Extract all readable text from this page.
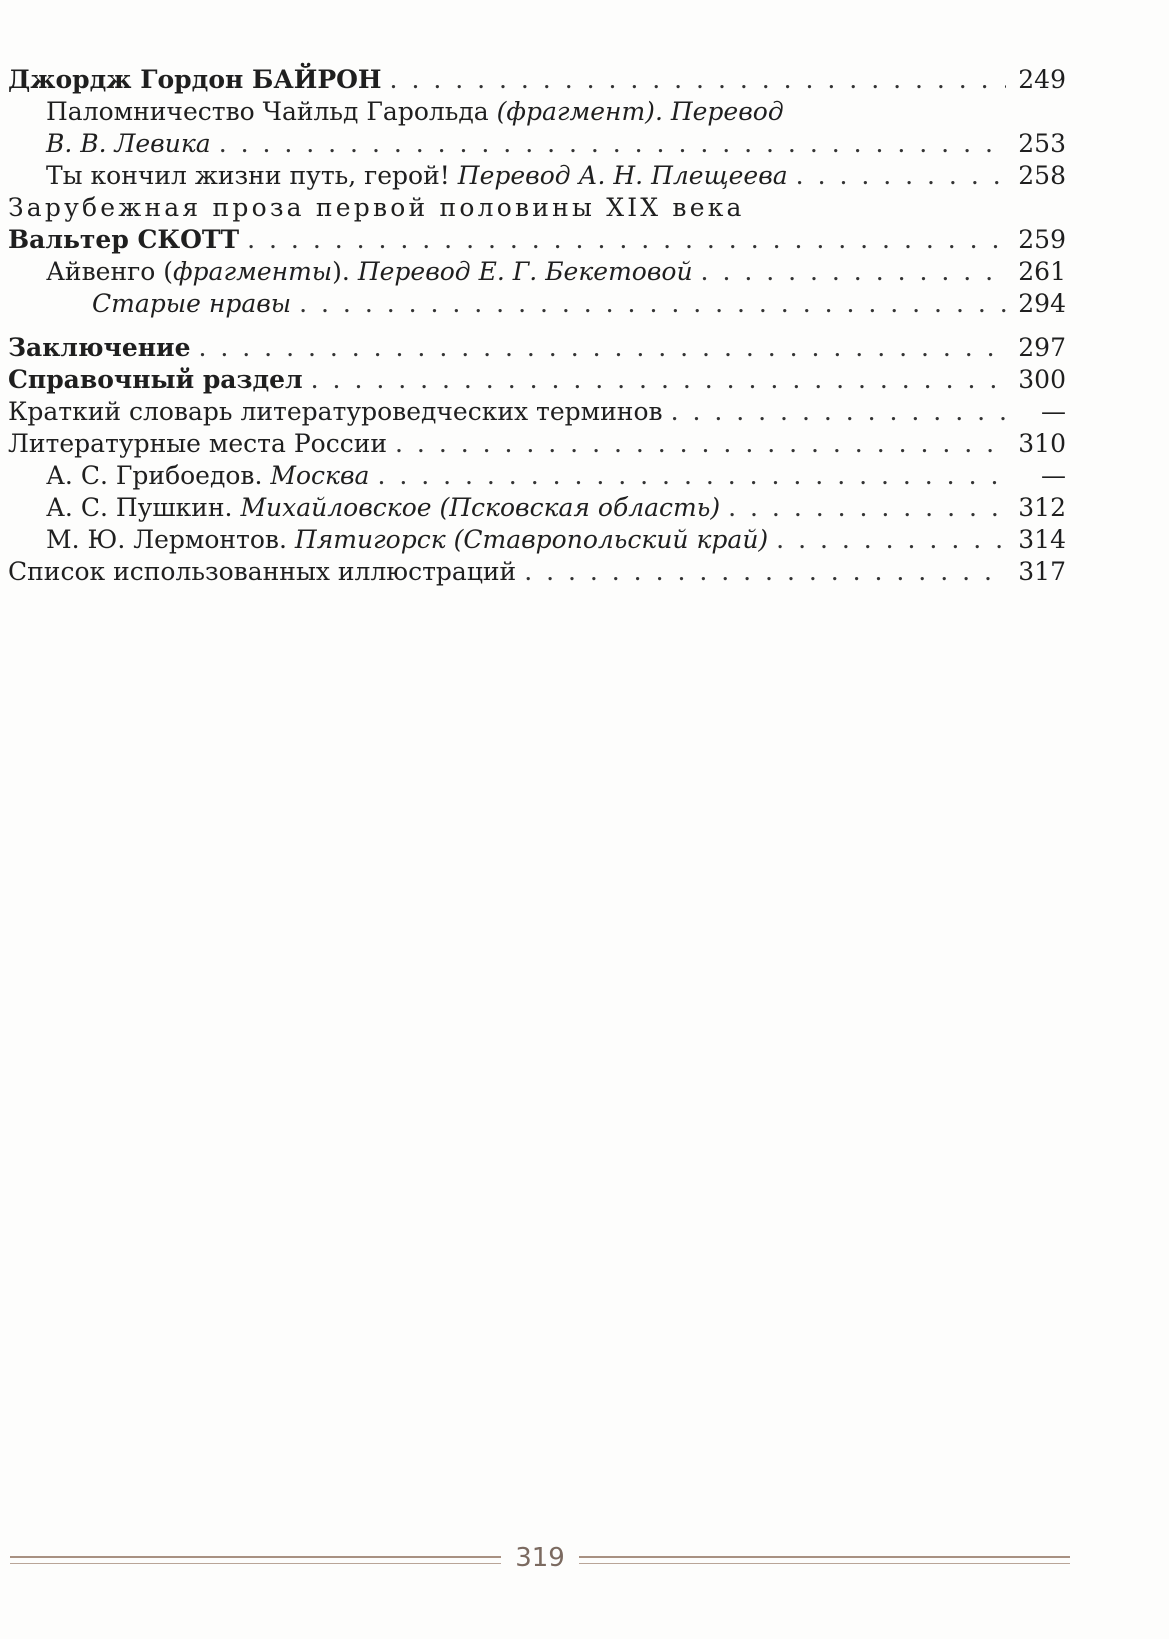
Джордж Гордон БАЙРОН . . .	249
Паломничество Чайльд Гарольда (фрагмент). Перевод
В. В. Левика . . .	253
Ты кончил жизни путь, герой! Перевод А. Н. Плещеева . . .	258
Зарубежная проза первой половины XIX века
Вальтер СКОТТ . . .	259
Айвенго (фрагменты). Перевод Е. Г. Бекетовой . . .	261
Старые нравы . . .	294
Заключение . . .	297
Справочный раздел . . .	300
Краткий словарь литературоведческих терминов . . .	—
Литературные места России . . .	310
А. С. Грибоедов. Москва . . .	—
А. С. Пушкин. Михайловское (Псковская область) . . .	312
М. Ю. Лермонтов. Пятигорск (Ставропольский край) . . .	314
Список использованных иллюстраций . . .	317
319
